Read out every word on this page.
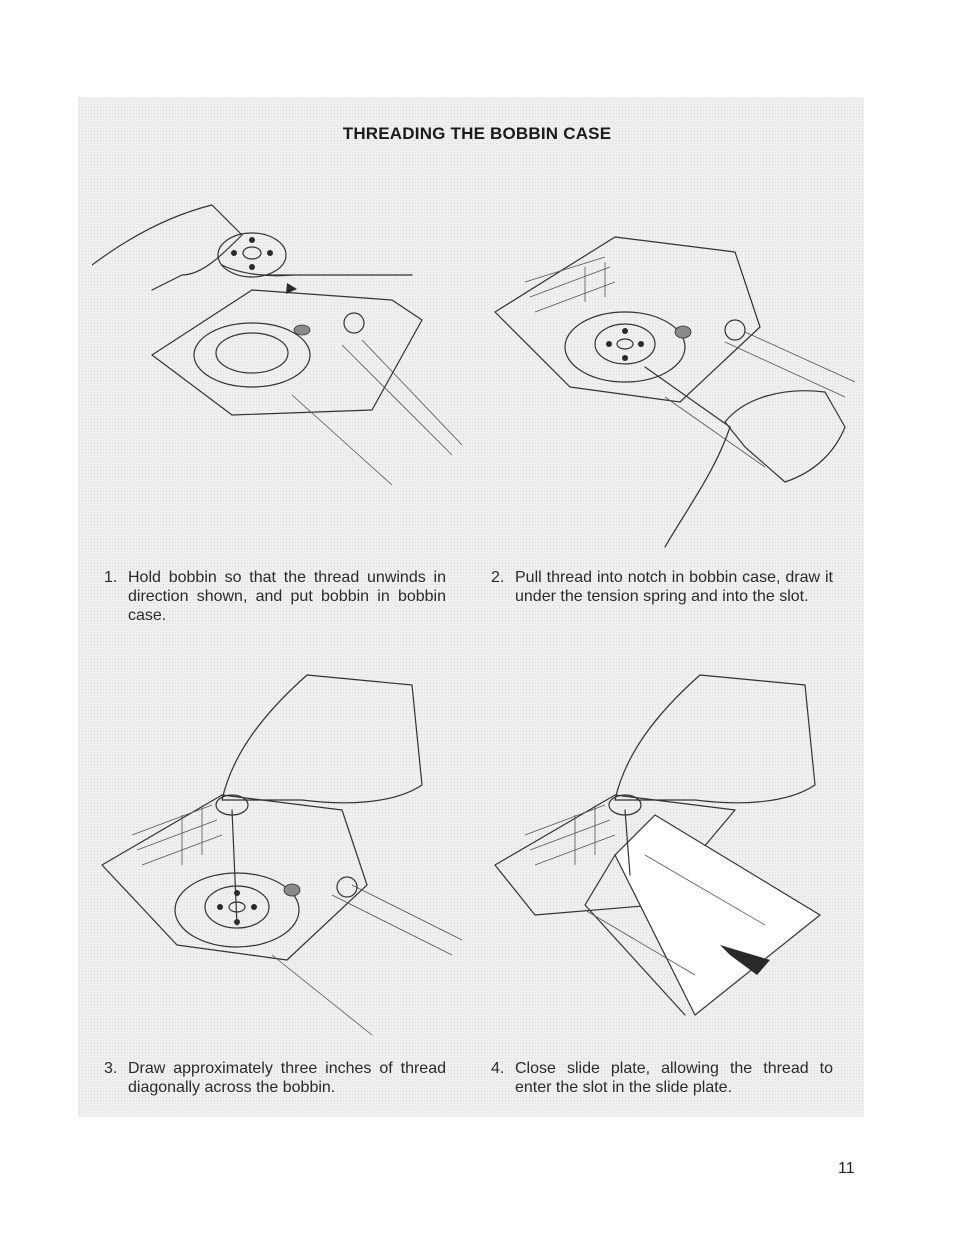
THREADING THE BOBBIN CASE
1. Hold bobbin so that the thread unwinds in direction shown, and put bobbin in bobbin case.
2. Pull thread into notch in bobbin case, draw it under the tension spring and into the slot.
3. Draw approximately three inches of thread diagonally across the bobbin.
4. Close slide plate, allowing the thread to enter the slot in the slide plate.
11
